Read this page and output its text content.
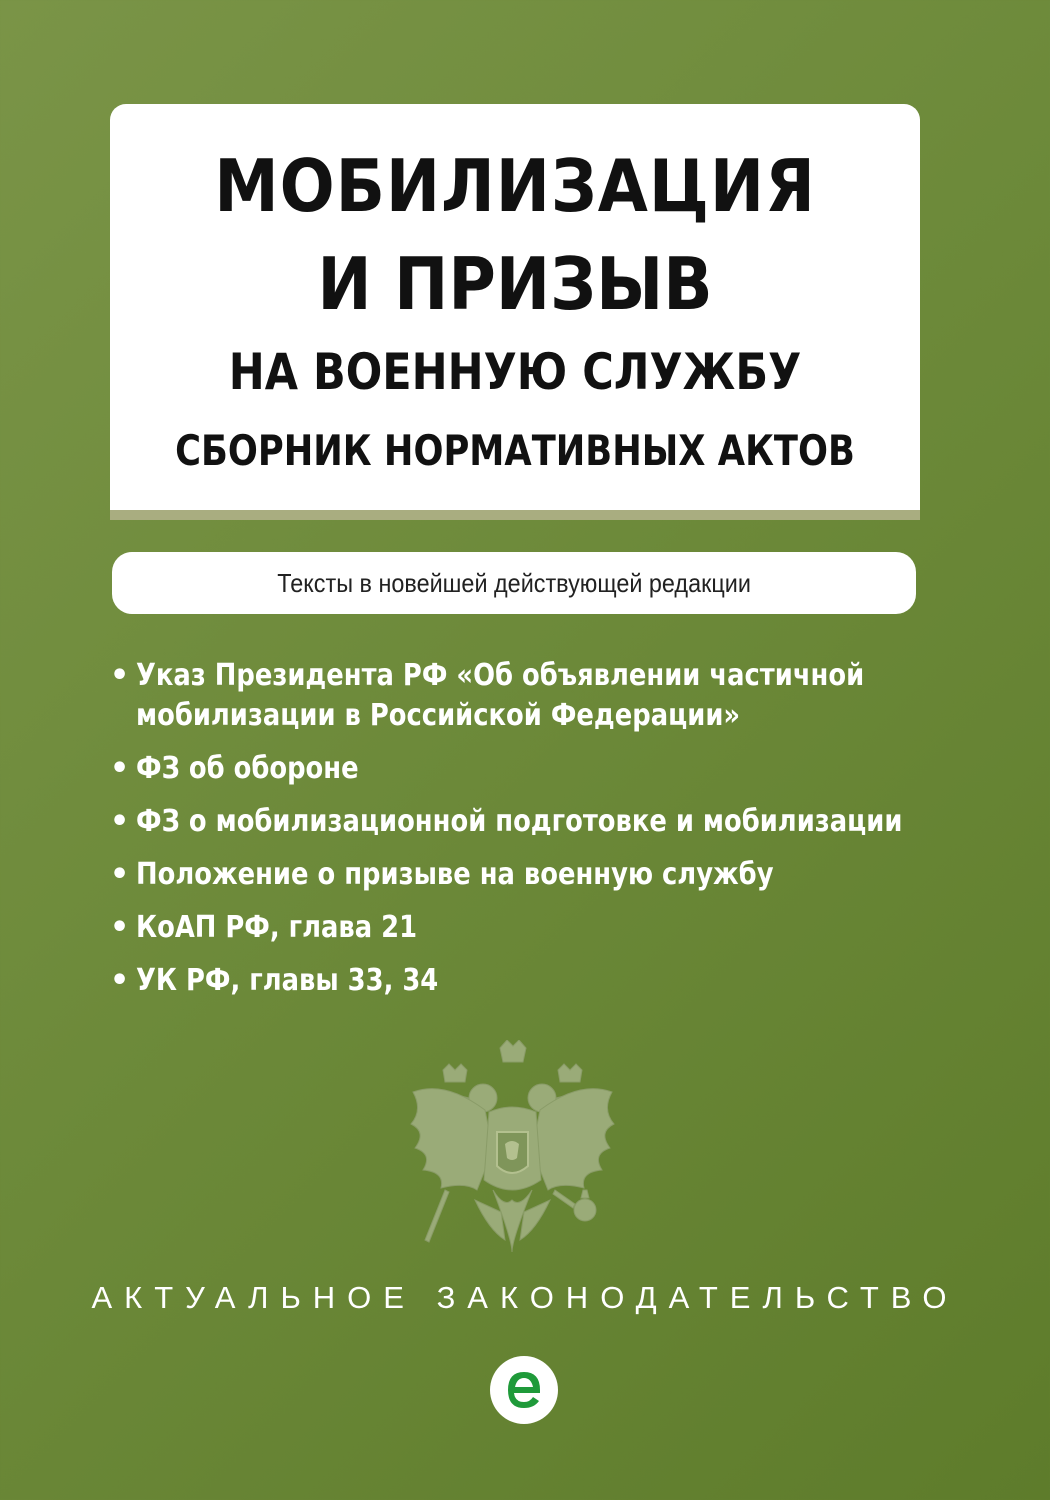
МОБИЛИЗАЦИЯ
И ПРИЗЫВ
НА ВОЕННУЮ СЛУЖБУ
СБОРНИК НОРМАТИВНЫХ АКТОВ
Тексты в новейшей действующей редакции
• Указ Президента РФ «Об объявлении частичной
мобилизации в Российской Федерации»
• ФЗ об обороне
• ФЗ о мобилизационной подготовке и мобилизации
• Положение о призыве на военную службу
• КоАП РФ, глава 21
• УК РФ, главы 33, 34
АКТУАЛЬНОЕ ЗАКОНОДАТЕЛЬСТВО
